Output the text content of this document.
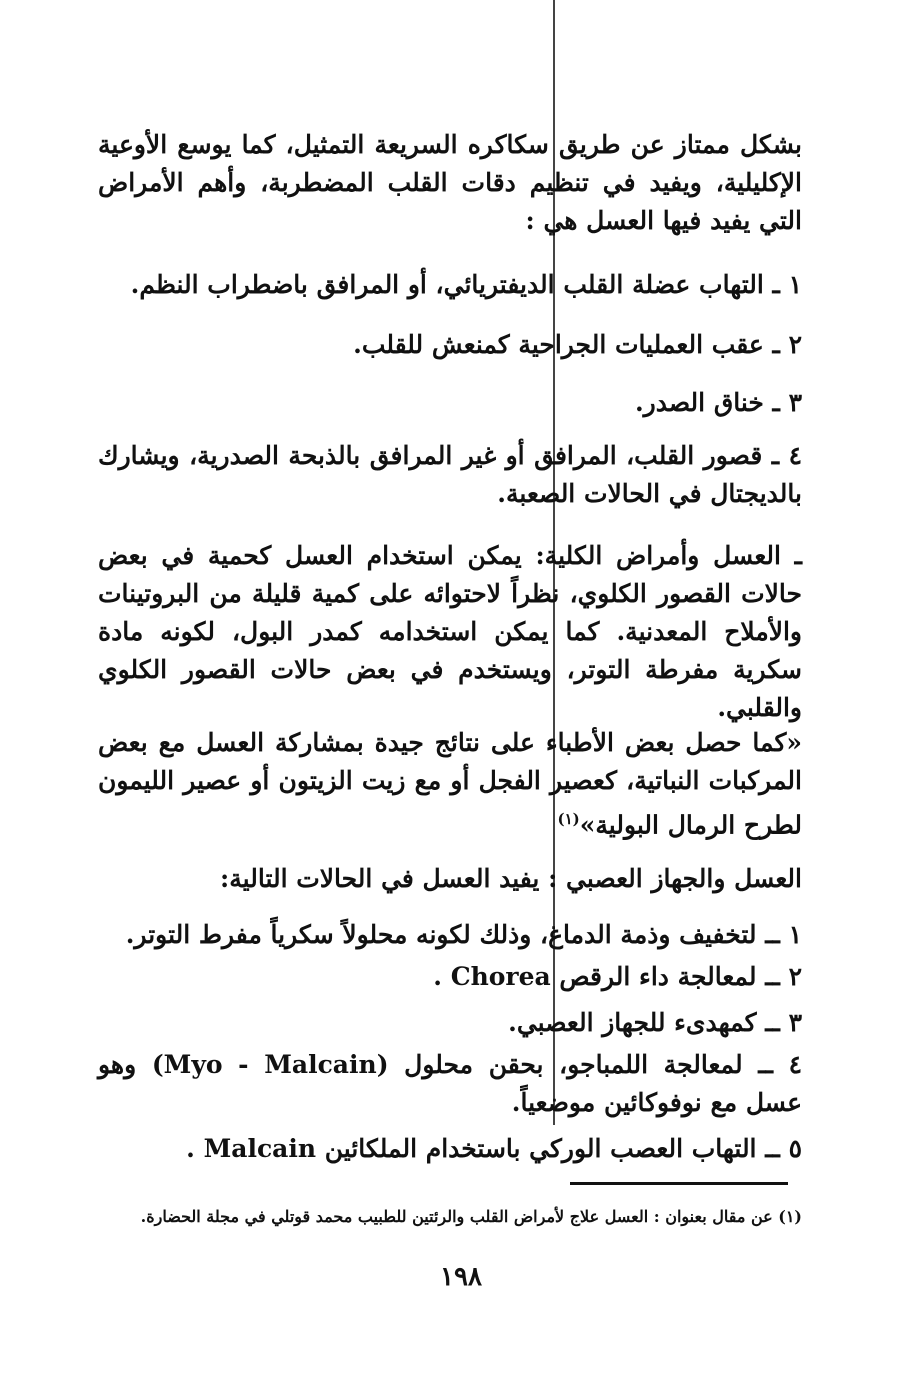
بشكل ممتاز عن طريق سكاكره السريعة التمثيل، كما يوسع الأوعية الإكليلية، ويفيد في تنظيم دقات القلب المضطربة، وأهم الأمراض التي يفيد فيها العسل هي :
١ ـ التهاب عضلة القلب الديفتريائي، أو المرافق باضطراب النظم.
٢ ـ عقب العمليات الجراحية كمنعش للقلب.
٣ ـ خناق الصدر.
٤ ـ قصور القلب، المرافق أو غير المرافق بالذبحة الصدرية، ويشارك بالديجتال في الحالات الصعبة.
ـ العسل وأمراض الكلية: يمكن استخدام العسل كحمية في بعض حالات القصور الكلوي، نظراً لاحتوائه على كمية قليلة من البروتينات والأملاح المعدنية. كما يمكن استخدامه كمدر البول، لكونه مادة سكرية مفرطة التوتر، ويستخدم في بعض حالات القصور الكلوي والقلبي.
«كما حصل بعض الأطباء على نتائج جيدة بمشاركة العسل مع بعض المركبات النباتية، كعصير الفجل أو مع زيت الزيتون أو عصير الليمون لطرح الرمال البولية»$^{(١)}$
العسل والجهاز العصبي : يفيد العسل في الحالات التالية:
١ ــ لتخفيف وذمة الدماغ، وذلك لكونه محلولاً سكرياً مفرط التوتر.
٢ ــ لمعالجة داء الرقص Chorea .
٣ ــ كمهدىء للجهاز العصبي.
٤ ــ لمعالجة اللمباجو، بحقن محلول (Myo - Malcain) وهو عسل مع نوفوكائين موضعياً.
٥ ــ التهاب العصب الوركي باستخدام الملكائين Malcain .
(١) عن مقال بعنوان : العسل علاج لأمراض القلب والرئتين للطبيب محمد قوتلي في مجلة الحضارة.
١٩٨
